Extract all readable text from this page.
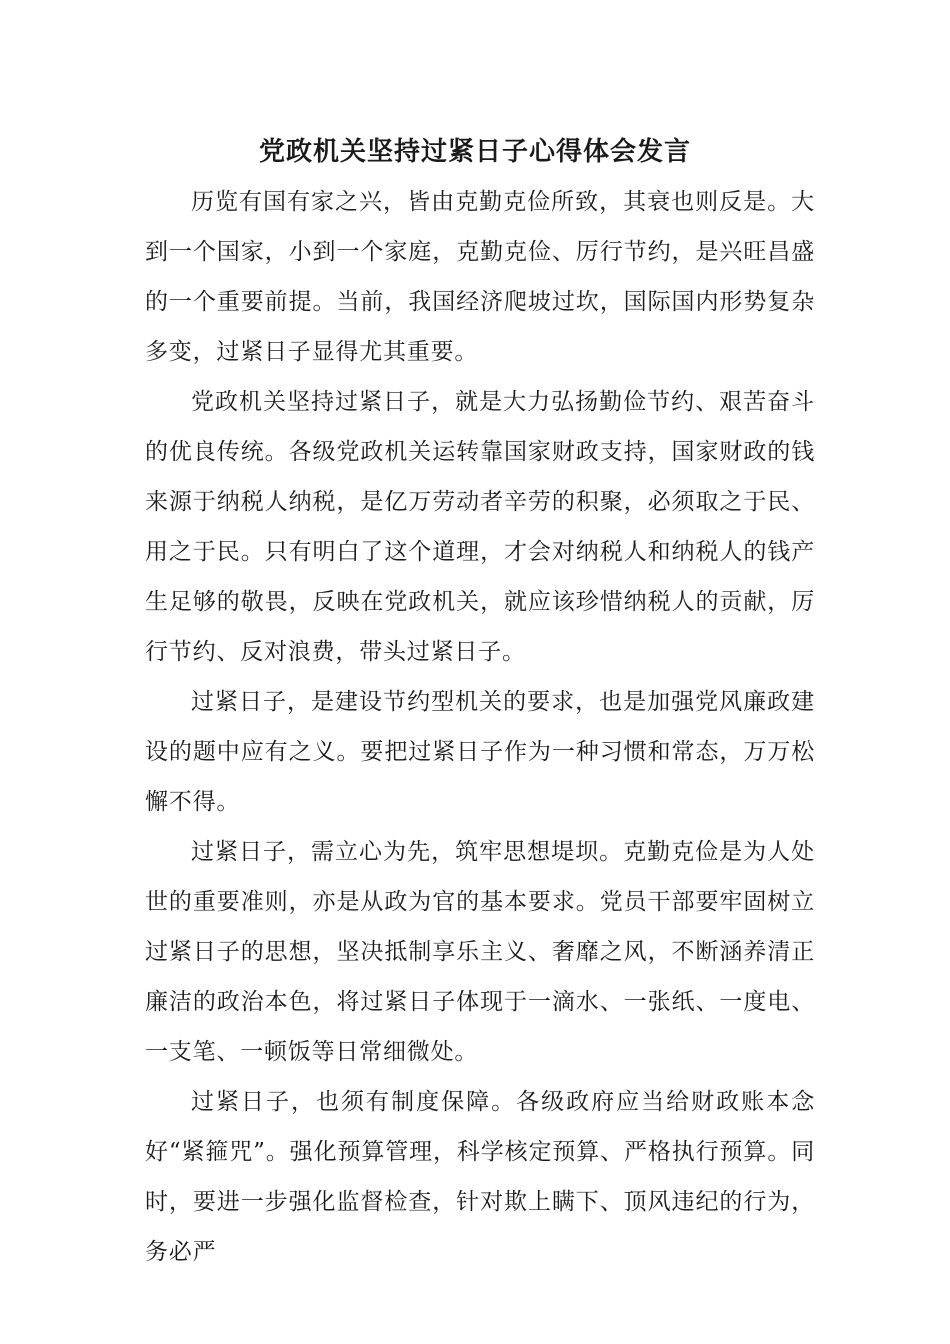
党政机关坚持过紧日子心得体会发言

历览有国有家之兴，皆由克勤克俭所致，其衰也则反是。大到一个国家，小到一个家庭，克勤克俭、厉行节约，是兴旺昌盛的一个重要前提。当前，我国经济爬坡过坎，国际国内形势复杂多变，过紧日子显得尤其重要。

党政机关坚持过紧日子，就是大力弘扬勤俭节约、艰苦奋斗的优良传统。各级党政机关运转靠国家财政支持，国家财政的钱来源于纳税人纳税，是亿万劳动者辛劳的积聚，必须取之于民、用之于民。只有明白了这个道理，才会对纳税人和纳税人的钱产生足够的敬畏，反映在党政机关，就应该珍惜纳税人的贡献，厉行节约、反对浪费，带头过紧日子。

过紧日子，是建设节约型机关的要求，也是加强党风廉政建设的题中应有之义。要把过紧日子作为一种习惯和常态，万万松懈不得。

过紧日子，需立心为先，筑牢思想堤坝。克勤克俭是为人处世的重要准则，亦是从政为官的基本要求。党员干部要牢固树立过紧日子的思想，坚决抵制享乐主义、奢靡之风，不断涵养清正廉洁的政治本色，将过紧日子体现于一滴水、一张纸、一度电、一支笔、一顿饭等日常细微处。

过紧日子，也须有制度保障。各级政府应当给财政账本念好“紧箍咒”。强化预算管理，科学核定预算、严格执行预算。同时，要进一步强化监督检查，针对欺上瞒下、顶风违纪的行为，务必严
